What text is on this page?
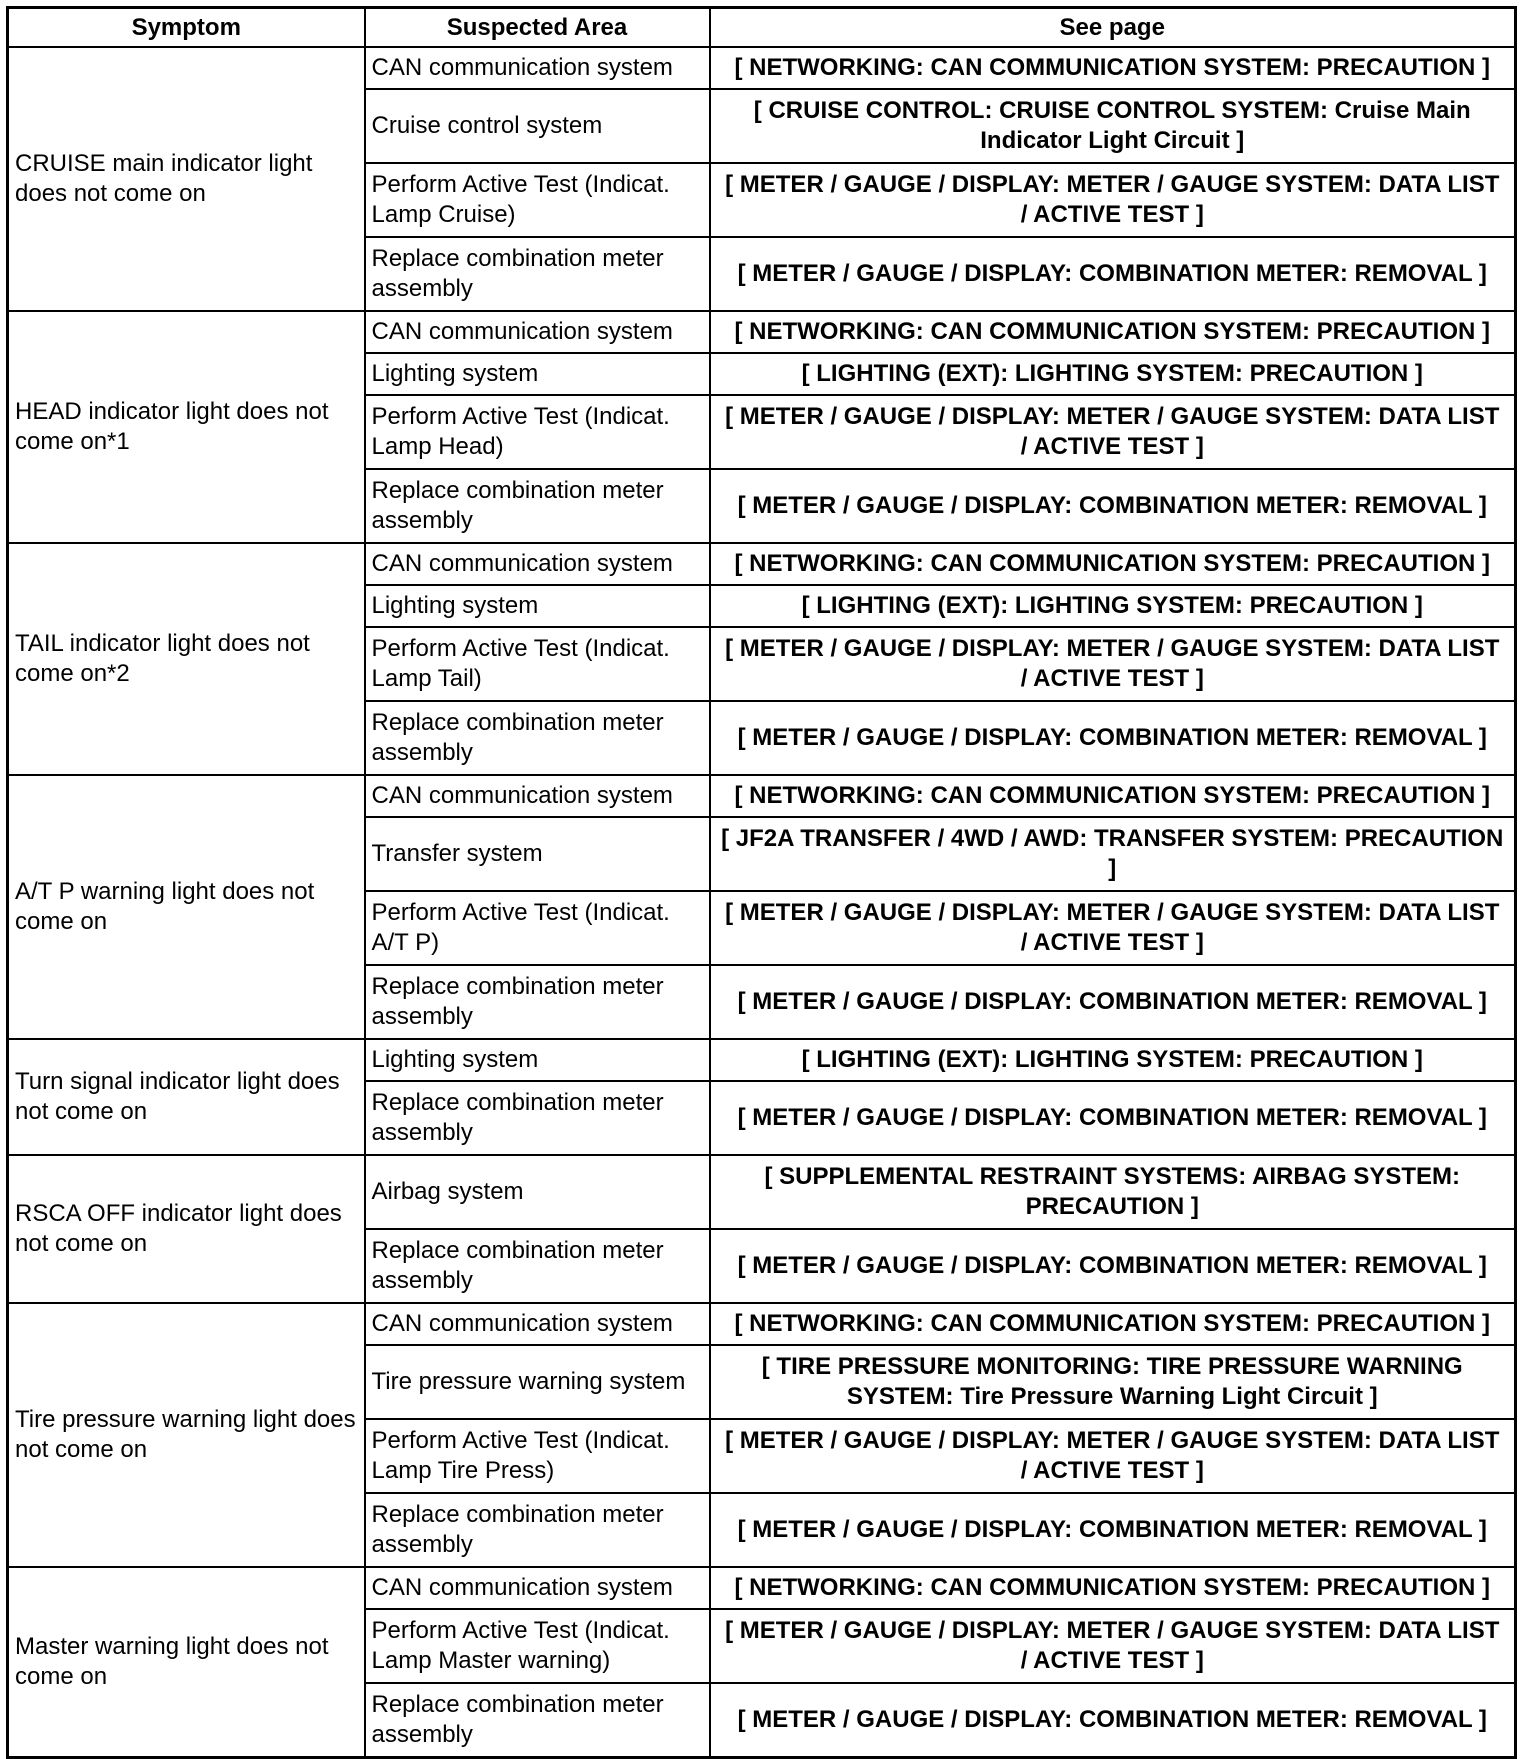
Symptom	Suspected Area	See page
CRUISE main indicator light does not come on	CAN communication system	[ NETWORKING: CAN COMMUNICATION SYSTEM: PRECAUTION ]
	Cruise control system	[ CRUISE CONTROL: CRUISE CONTROL SYSTEM: Cruise Main Indicator Light Circuit ]
	Perform Active Test (Indicat. Lamp Cruise)	[ METER / GAUGE / DISPLAY: METER / GAUGE SYSTEM: DATA LIST / ACTIVE TEST ]
	Replace combination meter assembly	[ METER / GAUGE / DISPLAY: COMBINATION METER: REMOVAL ]
HEAD indicator light does not come on*1	CAN communication system	[ NETWORKING: CAN COMMUNICATION SYSTEM: PRECAUTION ]
	Lighting system	[ LIGHTING (EXT): LIGHTING SYSTEM: PRECAUTION ]
	Perform Active Test (Indicat. Lamp Head)	[ METER / GAUGE / DISPLAY: METER / GAUGE SYSTEM: DATA LIST / ACTIVE TEST ]
	Replace combination meter assembly	[ METER / GAUGE / DISPLAY: COMBINATION METER: REMOVAL ]
TAIL indicator light does not come on*2	CAN communication system	[ NETWORKING: CAN COMMUNICATION SYSTEM: PRECAUTION ]
	Lighting system	[ LIGHTING (EXT): LIGHTING SYSTEM: PRECAUTION ]
	Perform Active Test (Indicat. Lamp Tail)	[ METER / GAUGE / DISPLAY: METER / GAUGE SYSTEM: DATA LIST / ACTIVE TEST ]
	Replace combination meter assembly	[ METER / GAUGE / DISPLAY: COMBINATION METER: REMOVAL ]
A/T P warning light does not come on	CAN communication system	[ NETWORKING: CAN COMMUNICATION SYSTEM: PRECAUTION ]
	Transfer system	[ JF2A TRANSFER / 4WD / AWD: TRANSFER SYSTEM: PRECAUTION ]
	Perform Active Test (Indicat. A/T P)	[ METER / GAUGE / DISPLAY: METER / GAUGE SYSTEM: DATA LIST / ACTIVE TEST ]
	Replace combination meter assembly	[ METER / GAUGE / DISPLAY: COMBINATION METER: REMOVAL ]
Turn signal indicator light does not come on	Lighting system	[ LIGHTING (EXT): LIGHTING SYSTEM: PRECAUTION ]
	Replace combination meter assembly	[ METER / GAUGE / DISPLAY: COMBINATION METER: REMOVAL ]
RSCA OFF indicator light does not come on	Airbag system	[ SUPPLEMENTAL RESTRAINT SYSTEMS: AIRBAG SYSTEM: PRECAUTION ]
	Replace combination meter assembly	[ METER / GAUGE / DISPLAY: COMBINATION METER: REMOVAL ]
Tire pressure warning light does not come on	CAN communication system	[ NETWORKING: CAN COMMUNICATION SYSTEM: PRECAUTION ]
	Tire pressure warning system	[ TIRE PRESSURE MONITORING: TIRE PRESSURE WARNING SYSTEM: Tire Pressure Warning Light Circuit ]
	Perform Active Test (Indicat. Lamp Tire Press)	[ METER / GAUGE / DISPLAY: METER / GAUGE SYSTEM: DATA LIST / ACTIVE TEST ]
	Replace combination meter assembly	[ METER / GAUGE / DISPLAY: COMBINATION METER: REMOVAL ]
Master warning light does not come on	CAN communication system	[ NETWORKING: CAN COMMUNICATION SYSTEM: PRECAUTION ]
	Perform Active Test (Indicat. Lamp Master warning)	[ METER / GAUGE / DISPLAY: METER / GAUGE SYSTEM: DATA LIST / ACTIVE TEST ]
	Replace combination meter assembly	[ METER / GAUGE / DISPLAY: COMBINATION METER: REMOVAL ]
